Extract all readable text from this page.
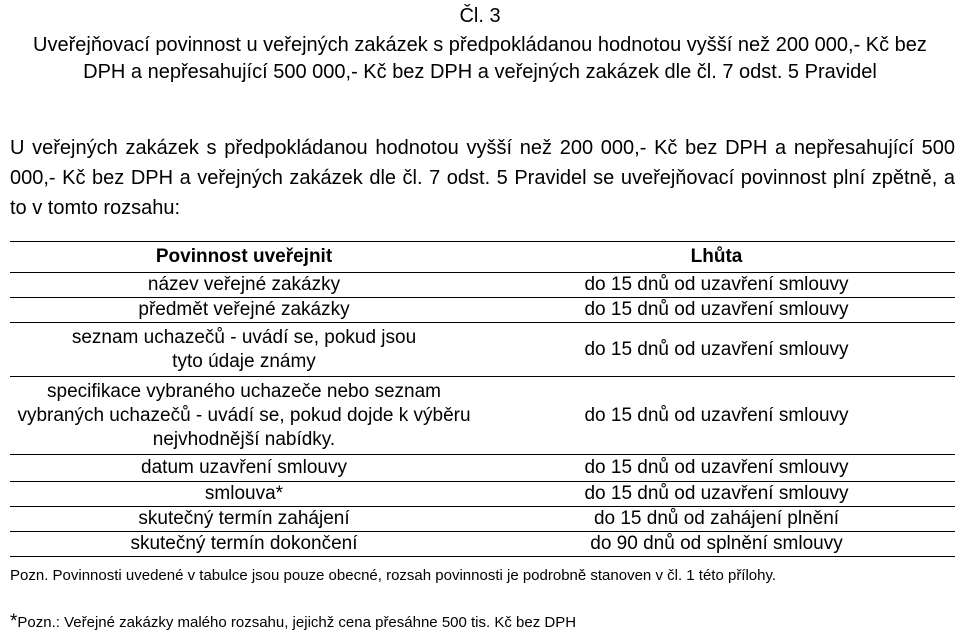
Čl. 3
Uveřejňovací povinnost u veřejných zakázek s předpokládanou hodnotou vyšší než 200 000,- Kč bez DPH a nepřesahující 500 000,- Kč bez DPH a veřejných zakázek dle čl. 7 odst. 5 Pravidel
U veřejných zakázek s předpokládanou hodnotou vyšší než 200 000,- Kč bez DPH a nepřesahující 500 000,- Kč bez DPH a veřejných zakázek dle čl. 7 odst. 5 Pravidel se uveřejňovací povinnost plní zpětně, a to v tomto rozsahu:
Povinnost uveřejnit	Lhůta
název veřejné zakázky	do 15 dnů od uzavření smlouvy
předmět veřejné zakázky	do 15 dnů od uzavření smlouvy
seznam uchazečů - uvádí se, pokud jsou tyto údaje známy	do 15 dnů od uzavření smlouvy
specifikace vybraného uchazeče nebo seznam vybraných uchazečů - uvádí se, pokud dojde k výběru nejvhodnější nabídky.	do 15 dnů od uzavření smlouvy
datum uzavření smlouvy	do 15 dnů od uzavření smlouvy
smlouva*	do 15 dnů od uzavření smlouvy
skutečný termín zahájení	do 15 dnů od zahájení plnění
skutečný termín dokončení	do 90 dnů od splnění smlouvy
Pozn. Povinnosti uvedené v tabulce jsou pouze obecné, rozsah povinnosti je podrobně stanoven v čl. 1 této přílohy.
*Pozn.: Veřejné zakázky malého rozsahu, jejichž cena přesáhne 500 tis. Kč bez DPH
